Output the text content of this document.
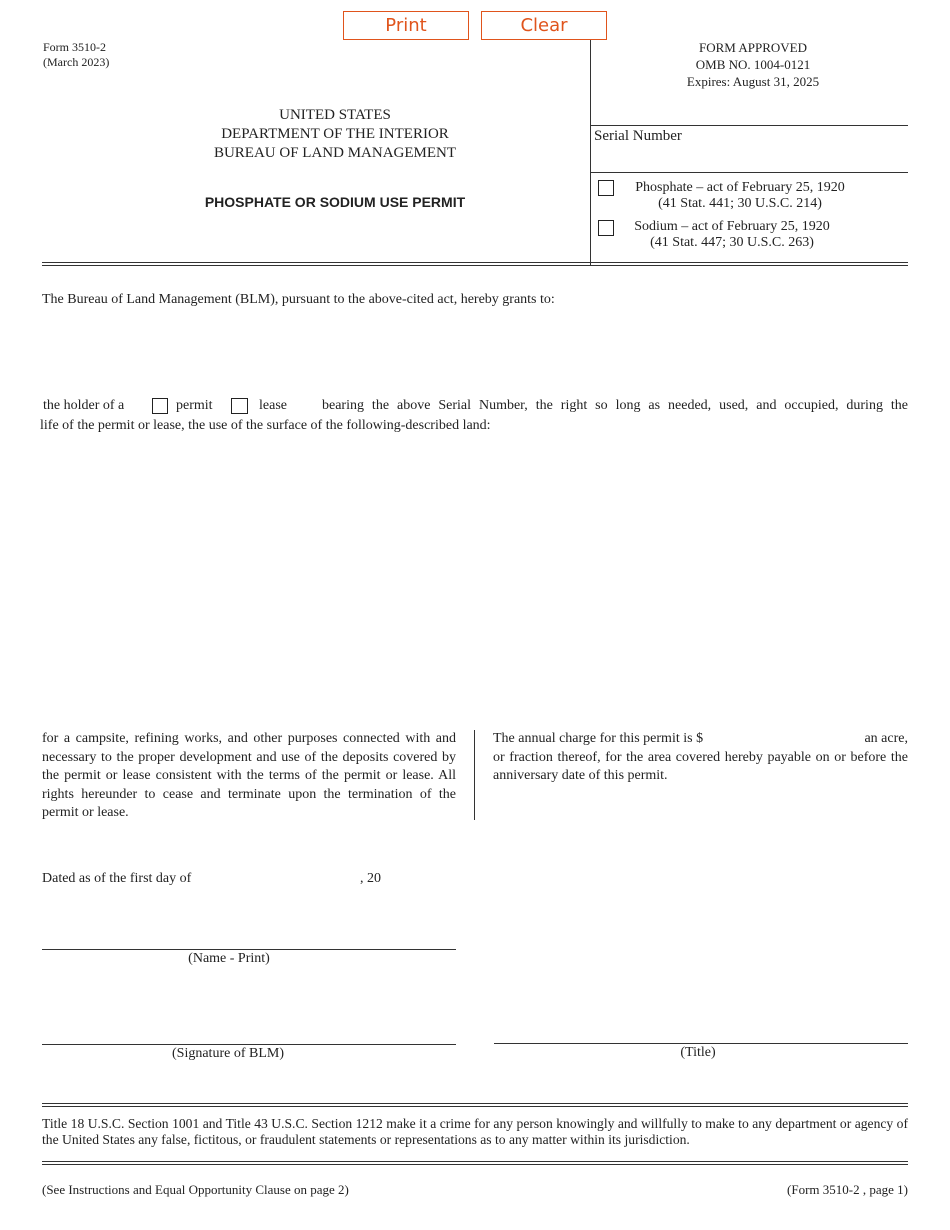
Print	Clear
Form 3510-2
(March 2023)
FORM APPROVED
OMB NO. 1004-0121
Expires: August 31, 2025
Serial Number
UNITED STATES
DEPARTMENT OF THE INTERIOR
BUREAU OF LAND MANAGEMENT
PHOSPHATE OR SODIUM USE PERMIT
Phosphate – act of February 25, 1920
(41 Stat. 441; 30 U.S.C. 214)
Sodium – act of February 25, 1920
(41 Stat. 447; 30 U.S.C. 263)
The Bureau of Land Management (BLM), pursuant to the above-cited act, hereby grants to:
the holder of a	permit	lease	bearing the above Serial Number, the right so long as needed, used, and occupied, during the
life of the permit or lease, the use of the surface of the following-described land:
for a campsite, refining works, and other purposes connected with and necessary to the proper development and use of the deposits covered by the permit or lease consistent with the terms of the permit or lease. All rights hereunder to cease and terminate upon the termination of the permit or lease.
The annual charge for this permit is $	an acre,
or fraction thereof, for the area covered hereby payable on or before the anniversary date of this permit.
Dated as of the first day of	, 20
(Name - Print)
(Signature of BLM)	(Title)
Title 18 U.S.C. Section 1001 and Title 43 U.S.C. Section 1212 make it a crime for any person knowingly and willfully to make to any department or agency of the United States any false, fictitous, or fraudulent statements or representations as to any matter within its jurisdiction.
(See Instructions and Equal Opportunity Clause on page 2)	(Form 3510-2 , page 1)
